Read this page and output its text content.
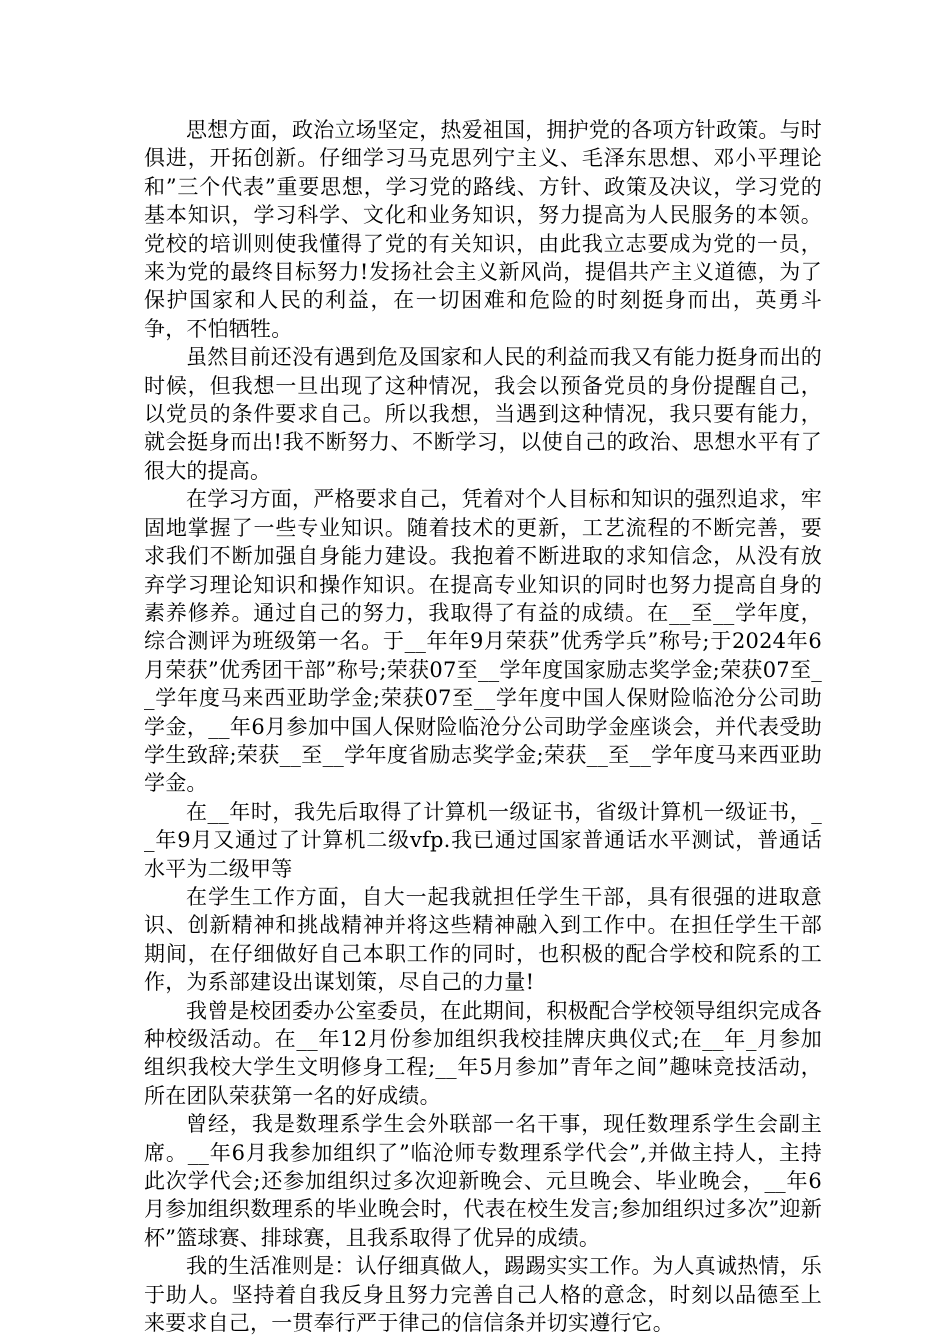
思想方面，政治立场坚定，热爱祖国，拥护党的各项方针政策。与时俱进，开拓创新。仔细学习马克思列宁主义、毛泽东思想、邓小平理论和”三个代表”重要思想，学习党的路线、方针、政策及决议，学习党的基本知识，学习科学、文化和业务知识，努力提高为人民服务的本领。党校的培训则使我懂得了党的有关知识，由此我立志要成为党的一员，来为党的最终目标努力!发扬社会主义新风尚，提倡共产主义道德，为了保护国家和人民的利益，在一切困难和危险的时刻挺身而出，英勇斗争，不怕牺牲。

虽然目前还没有遇到危及国家和人民的利益而我又有能力挺身而出的时候，但我想一旦出现了这种情况，我会以预备党员的身份提醒自己，以党员的条件要求自己。所以我想，当遇到这种情况，我只要有能力，就会挺身而出!我不断努力、不断学习，以使自己的政治、思想水平有了很大的提高。

在学习方面，严格要求自己，凭着对个人目标和知识的强烈追求，牢固地掌握了一些专业知识。随着技术的更新，工艺流程的不断完善，要求我们不断加强自身能力建设。我抱着不断进取的求知信念，从没有放弃学习理论知识和操作知识。在提高专业知识的同时也努力提高自身的素养修养。通过自己的努力，我取得了有益的成绩。在__至__学年度，综合测评为班级第一名。于__年年9月荣获”优秀学兵”称号;于2024年6月荣获”优秀团干部”称号;荣获07至__学年度国家励志奖学金;荣获07至__学年度马来西亚助学金;荣获07至__学年度中国人保财险临沧分公司助学金，__年6月参加中国人保财险临沧分公司助学金座谈会，并代表受助学生致辞;荣获__至__学年度省励志奖学金;荣获__至__学年度马来西亚助学金。

在__年时，我先后取得了计算机一级证书，省级计算机一级证书，__年9月又通过了计算机二级vfp.我已通过国家普通话水平测试，普通话水平为二级甲等

在学生工作方面，自大一起我就担任学生干部，具有很强的进取意识、创新精神和挑战精神并将这些精神融入到工作中。在担任学生干部期间，在仔细做好自己本职工作的同时，也积极的配合学校和院系的工作，为系部建设出谋划策，尽自己的力量!

我曾是校团委办公室委员，在此期间，积极配合学校领导组织完成各种校级活动。在__年12月份参加组织我校挂牌庆典仪式;在__年_月参加组织我校大学生文明修身工程;__年5月参加”青年之间”趣味竞技活动，所在团队荣获第一名的好成绩。

曾经，我是数理系学生会外联部一名干事，现任数理系学生会副主席。__年6月我参加组织了”临沧师专数理系学代会”,并做主持人，主持此次学代会;还参加组织过多次迎新晚会、元旦晚会、毕业晚会，__年6月参加组织数理系的毕业晚会时，代表在校生发言;参加组织过多次”迎新杯”篮球赛、排球赛，且我系取得了优异的成绩。

我的生活准则是：认仔细真做人，踢踢实实工作。为人真诚热情，乐于助人。坚持着自我反身且努力完善自己人格的意念，时刻以品德至上来要求自己，一贯奉行严于律己的信信条并切实遵行它。
